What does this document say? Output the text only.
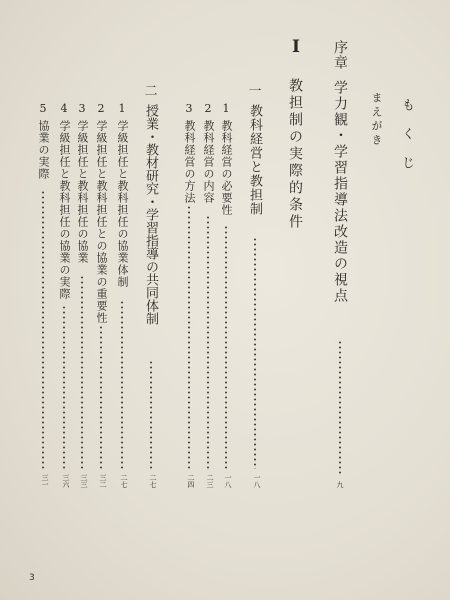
もくじ
まえがき
序章
学力観・学習指導法改造の視点
九
I
教担制の実際的条件
一
教科経営と教担制
一八
1
教科経営の必要性
一八
2
教科経営の内容
二三
3
教科経営の方法
二四
二
授業・教材研究・学習指導の共同体制
二七
1
学級担任と教科担任の協業体制
二七
2
学級担任と教科担任との協業の重要性
三二
3
学級担任と教科担任の協業
三三
4
学級担任と教科担任の協業の実際
三六
5
協業の実際
三一
3
